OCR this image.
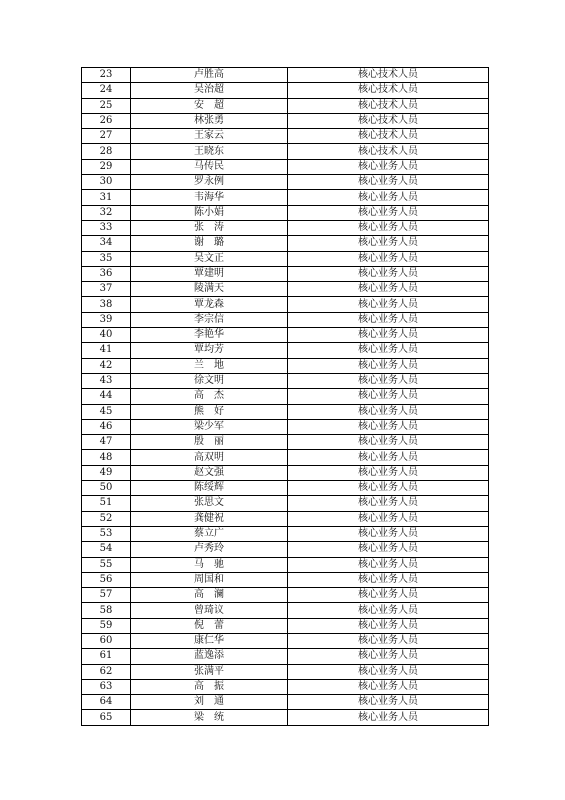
23	卢胜高	核心技术人员
24	吴治超	核心技术人员
25	安　超	核心技术人员
26	林张勇	核心技术人员
27	王家云	核心技术人员
28	王晓东	核心技术人员
29	马传民	核心业务人员
30	罗永例	核心业务人员
31	韦海华	核心业务人员
32	陈小娟	核心业务人员
33	张　涛	核心业务人员
34	谢　璐	核心业务人员
35	吴文正	核心业务人员
36	覃建明	核心业务人员
37	陵满天	核心业务人员
38	覃龙森	核心业务人员
39	李宗信	核心业务人员
40	李艳华	核心业务人员
41	覃均芳	核心业务人员
42	兰　地	核心业务人员
43	徐文明	核心业务人员
44	高　杰	核心业务人员
45	熊　好	核心业务人员
46	梁少军	核心业务人员
47	殷　丽	核心业务人员
48	高双明	核心业务人员
49	赵文强	核心业务人员
50	陈绥辉	核心业务人员
51	张思文	核心业务人员
52	龚健祝	核心业务人员
53	蔡立广	核心业务人员
54	卢秀玲	核心业务人员
55	马　驰	核心业务人员
56	周国和	核心业务人员
57	高　澜	核心业务人员
58	曾琦议	核心业务人员
59	倪　蕾	核心业务人员
60	康仁华	核心业务人员
61	蓝逸添	核心业务人员
62	张满平	核心业务人员
63	高　振	核心业务人员
64	刘　通	核心业务人员
65	梁　统	核心业务人员
